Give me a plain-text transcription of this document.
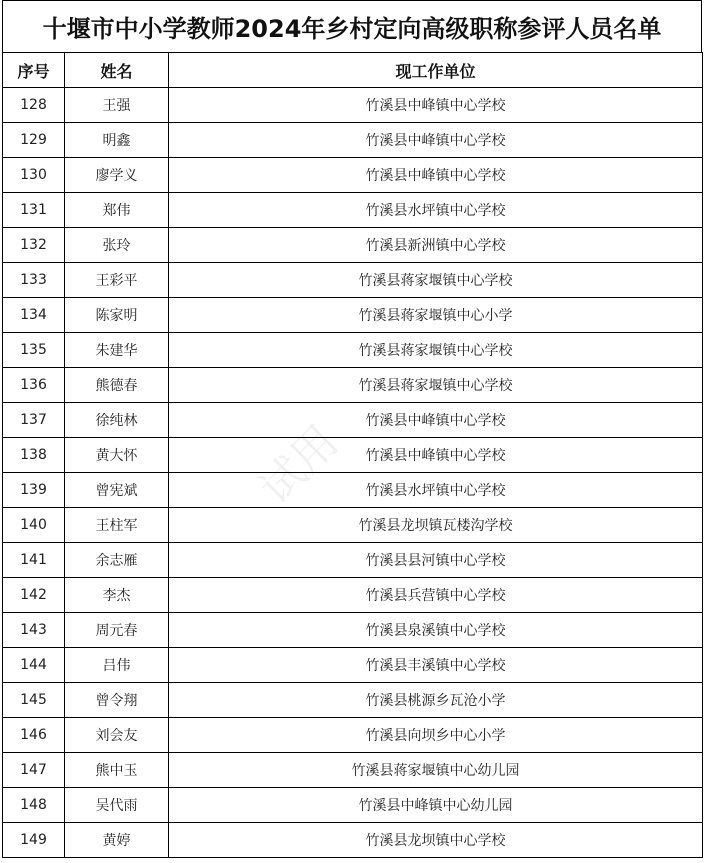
十堰市中小学教师2024年乡村定向高级职称参评人员名单
序号	姓名	现工作单位
128	王强	竹溪县中峰镇中心学校
129	明鑫	竹溪县中峰镇中心学校
130	廖学义	竹溪县中峰镇中心学校
131	郑伟	竹溪县水坪镇中心学校
132	张玲	竹溪县新洲镇中心学校
133	王彩平	竹溪县蒋家堰镇中心学校
134	陈家明	竹溪县蒋家堰镇中心小学
135	朱建华	竹溪县蒋家堰镇中心学校
136	熊德春	竹溪县蒋家堰镇中心学校
137	徐纯林	竹溪县中峰镇中心学校
138	黄大怀	竹溪县中峰镇中心学校
139	曾宪斌	竹溪县水坪镇中心学校
140	王柱军	竹溪县龙坝镇瓦楼沟学校
141	余志雁	竹溪县县河镇中心学校
142	李杰	竹溪县兵营镇中心学校
143	周元春	竹溪县泉溪镇中心学校
144	吕伟	竹溪县丰溪镇中心学校
145	曾令翔	竹溪县桃源乡瓦沧小学
146	刘会友	竹溪县向坝乡中心小学
147	熊中玉	竹溪县蒋家堰镇中心幼儿园
148	吴代雨	竹溪县中峰镇中心幼儿园
149	黄婷	竹溪县龙坝镇中心学校
试用
